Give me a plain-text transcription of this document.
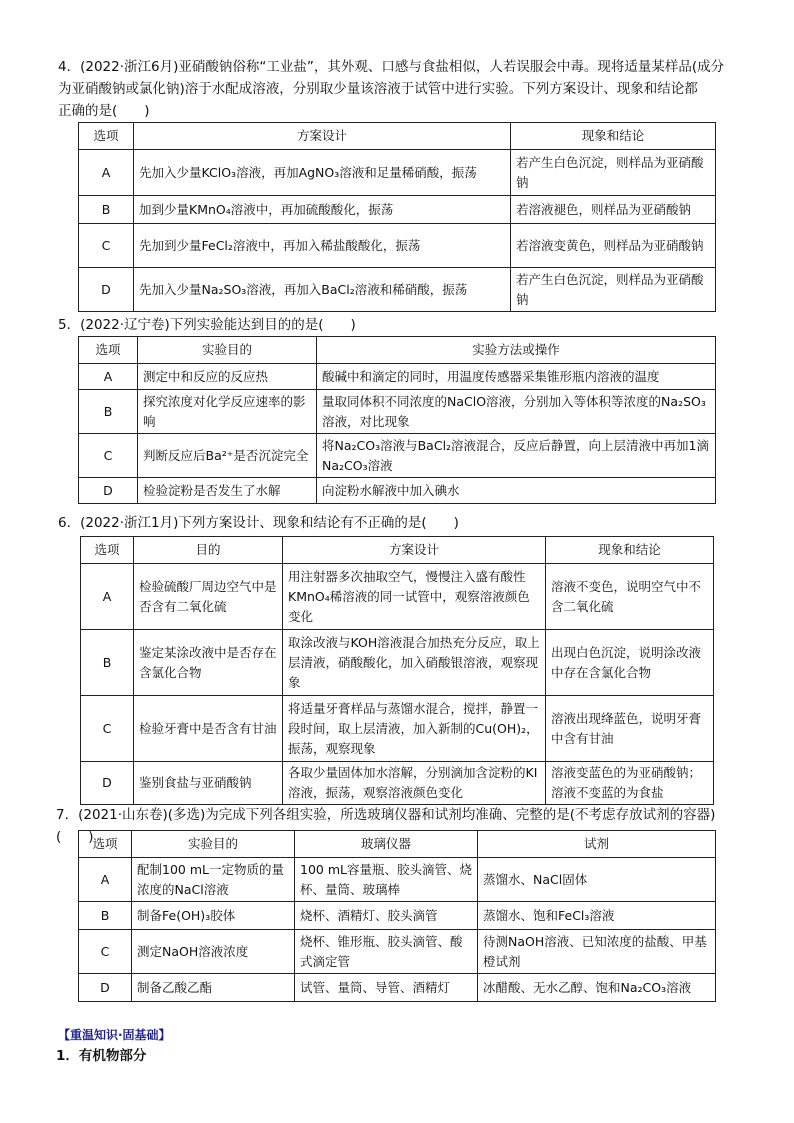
4．(2022·浙江6月)亚硝酸钠俗称“工业盐”，其外观、口感与食盐相似，人若误服会中毒。现将适量某样品(成分
为亚硝酸钠或氯化钠)溶于水配成溶液，分别取少量该溶液于试管中进行实验。下列方案设计、现象和结论都
正确的是(　　)
选项	方案设计	现象和结论
A	先加入少量KClO₃溶液，再加AgNO₃溶液和足量稀硝酸，振荡	若产生白色沉淀，则样品为亚硝酸钠
B	加到少量KMnO₄溶液中，再加硫酸酸化，振荡	若溶液褪色，则样品为亚硝酸钠
C	先加到少量FeCl₂溶液中，再加入稀盐酸酸化，振荡	若溶液变黄色，则样品为亚硝酸钠
D	先加入少量Na₂SO₃溶液，再加入BaCl₂溶液和稀硝酸，振荡	若产生白色沉淀，则样品为亚硝酸钠
5．(2022·辽宁卷)下列实验能达到目的的是(　　)
选项	实验目的	实验方法或操作
A	测定中和反应的反应热	酸碱中和滴定的同时，用温度传感器采集锥形瓶内溶液的温度
B	探究浓度对化学反应速率的影响	量取同体积不同浓度的NaClO溶液，分别加入等体积等浓度的Na₂SO₃溶液，对比现象
C	判断反应后Ba²⁺是否沉淀完全	将Na₂CO₃溶液与BaCl₂溶液混合，反应后静置，向上层清液中再加1滴Na₂CO₃溶液
D	检验淀粉是否发生了水解	向淀粉水解液中加入碘水
6．(2022·浙江1月)下列方案设计、现象和结论有不正确的是(　　)
选项	目的	方案设计	现象和结论
A	检验硫酸厂周边空气中是否含有二氧化硫	用注射器多次抽取空气，慢慢注入盛有酸性KMnO₄稀溶液的同一试管中，观察溶液颜色变化	溶液不变色，说明空气中不含二氧化硫
B	鉴定某涂改液中是否存在含氯化合物	取涂改液与KOH溶液混合加热充分反应，取上层清液，硝酸酸化，加入硝酸银溶液，观察现象	出现白色沉淀，说明涂改液中存在含氯化合物
C	检验牙膏中是否含有甘油	将适量牙膏样品与蒸馏水混合，搅拌，静置一段时间，取上层清液，加入新制的Cu(OH)₂，振荡，观察现象	溶液出现绛蓝色，说明牙膏中含有甘油
D	鉴别食盐与亚硝酸钠	各取少量固体加水溶解，分别滴加含淀粉的KI溶液，振荡，观察溶液颜色变化	溶液变蓝色的为亚硝酸钠；溶液不变蓝的为食盐
7．(2021·山东卷)(多选)为完成下列各组实验，所选玻璃仪器和试剂均准确、完整的是(不考虑存放试剂的容器)(　　)
选项	实验目的	玻璃仪器	试剂
A	配制100 mL一定物质的量浓度的NaCl溶液	100 mL容量瓶、胶头滴管、烧杯、量筒、玻璃棒	蒸馏水、NaCl固体
B	制备Fe(OH)₃胶体	烧杯、酒精灯、胶头滴管	蒸馏水、饱和FeCl₃溶液
C	测定NaOH溶液浓度	烧杯、锥形瓶、胶头滴管、酸式滴定管	待测NaOH溶液、已知浓度的盐酸、甲基橙试剂
D	制备乙酸乙酯	试管、量筒、导管、酒精灯	冰醋酸、无水乙醇、饱和Na₂CO₃溶液
【重温知识·固基础】
1．有机物部分
